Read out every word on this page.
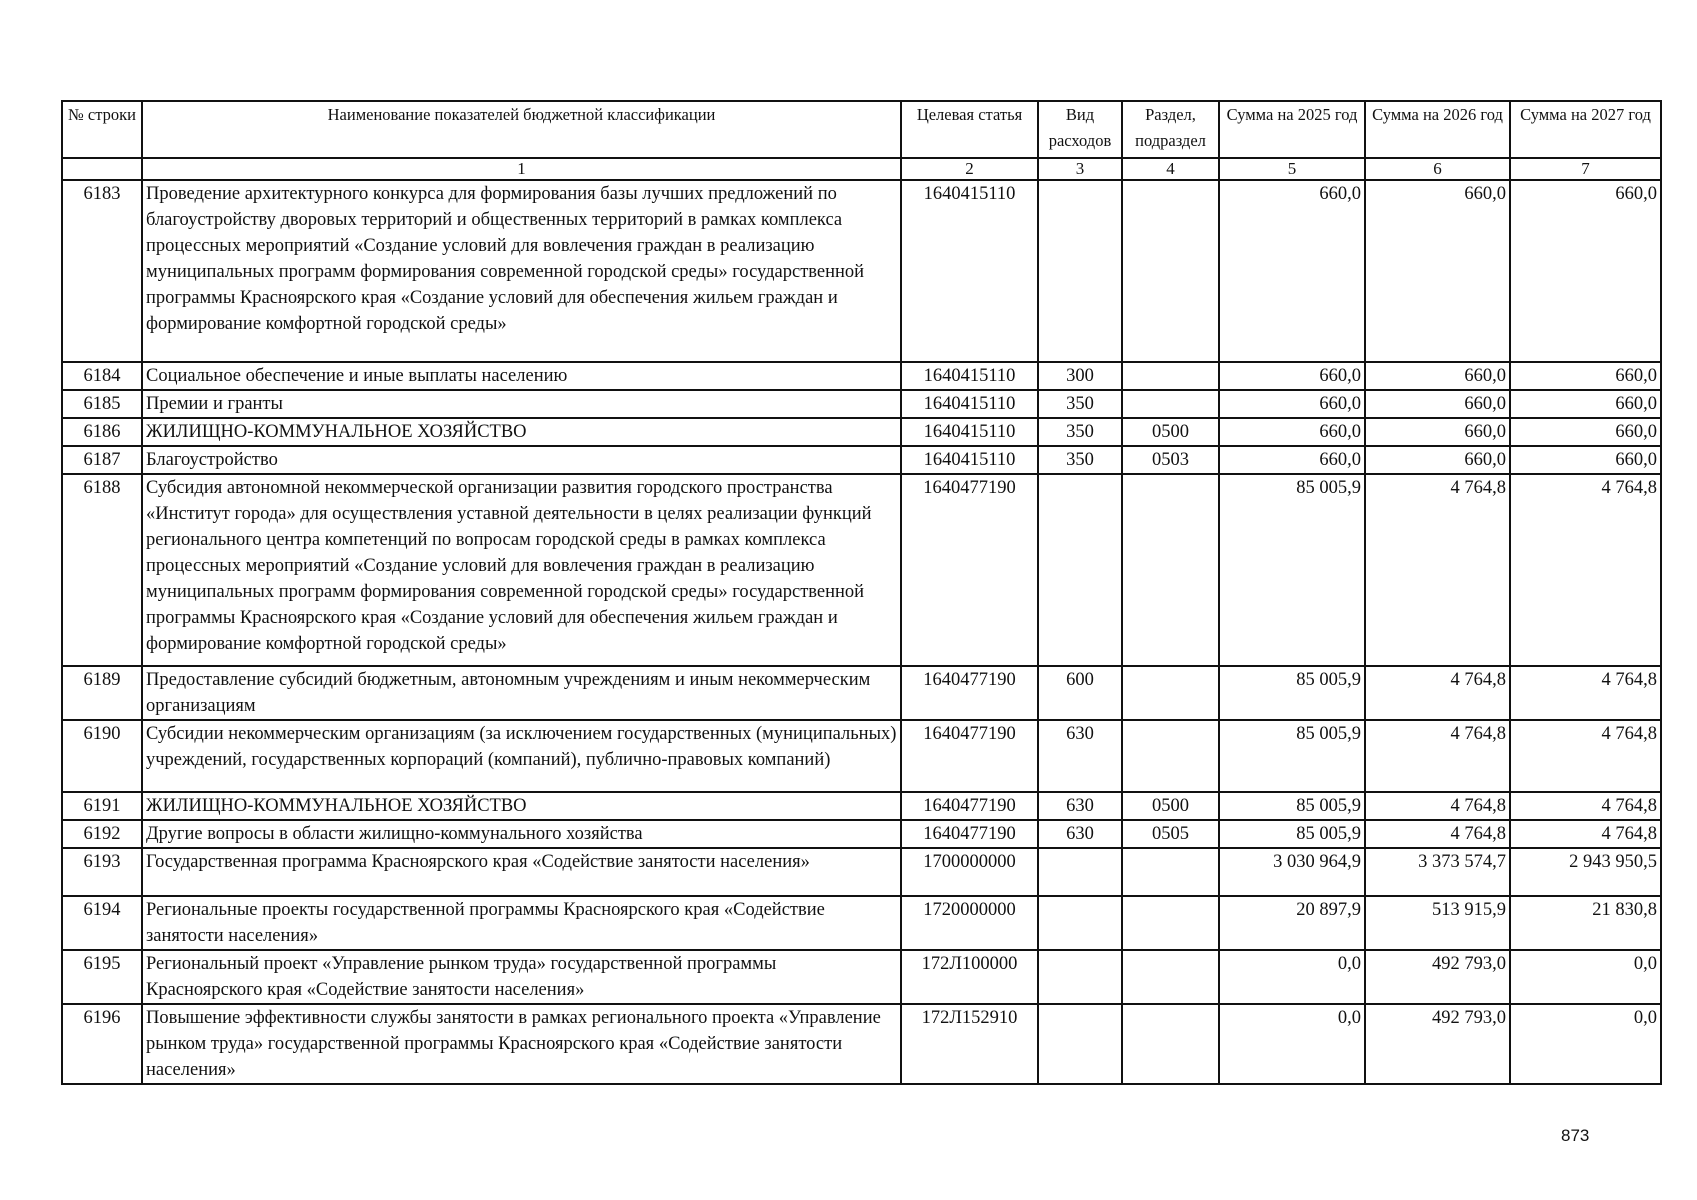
№ строки	Наименование показателей бюджетной классификации	Целевая статья	Вид расходов	Раздел, подраздел	Сумма на 2025 год	Сумма на 2026 год	Сумма на 2027 год
	1	2	3	4	5	6	7
6183	Проведение архитектурного конкурса для формирования базы лучших предложений по благоустройству дворовых территорий и общественных территорий в рамках комплекса процессных мероприятий «Создание условий для вовлечения граждан в реализацию муниципальных программ формирования современной городской среды» государственной программы Красноярского края «Создание условий для обеспечения жильем граждан и формирование комфортной городской среды»	1640415110			660,0	660,0	660,0
6184	Социальное обеспечение и иные выплаты населению	1640415110	300		660,0	660,0	660,0
6185	Премии и гранты	1640415110	350		660,0	660,0	660,0
6186	ЖИЛИЩНО-КОММУНАЛЬНОЕ ХОЗЯЙСТВО	1640415110	350	0500	660,0	660,0	660,0
6187	Благоустройство	1640415110	350	0503	660,0	660,0	660,0
6188	Субсидия автономной некоммерческой организации развития городского пространства «Институт города» для осуществления уставной деятельности в целях реализации функций регионального центра компетенций по вопросам городской среды в рамках комплекса процессных мероприятий «Создание условий для вовлечения граждан в реализацию муниципальных программ формирования современной городской среды» государственной программы Красноярского края «Создание условий для обеспечения жильем граждан и формирование комфортной городской среды»	1640477190			85 005,9	4 764,8	4 764,8
6189	Предоставление субсидий бюджетным, автономным учреждениям и иным некоммерческим организациям	1640477190	600		85 005,9	4 764,8	4 764,8
6190	Субсидии некоммерческим организациям (за исключением государственных (муниципальных) учреждений, государственных корпораций (компаний), публично-правовых компаний)	1640477190	630		85 005,9	4 764,8	4 764,8
6191	ЖИЛИЩНО-КОММУНАЛЬНОЕ ХОЗЯЙСТВО	1640477190	630	0500	85 005,9	4 764,8	4 764,8
6192	Другие вопросы в области жилищно-коммунального хозяйства	1640477190	630	0505	85 005,9	4 764,8	4 764,8
6193	Государственная программа Красноярского края «Содействие занятости населения»	1700000000			3 030 964,9	3 373 574,7	2 943 950,5
6194	Региональные проекты государственной программы Красноярского края «Содействие занятости населения»	1720000000			20 897,9	513 915,9	21 830,8
6195	Региональный проект «Управление рынком труда» государственной программы Красноярского края «Содействие занятости населения»	172Л100000			0,0	492 793,0	0,0
6196	Повышение эффективности службы занятости в рамках регионального проекта «Управление рынком труда» государственной программы Красноярского края «Содействие занятости населения»	172Л152910			0,0	492 793,0	0,0
873
